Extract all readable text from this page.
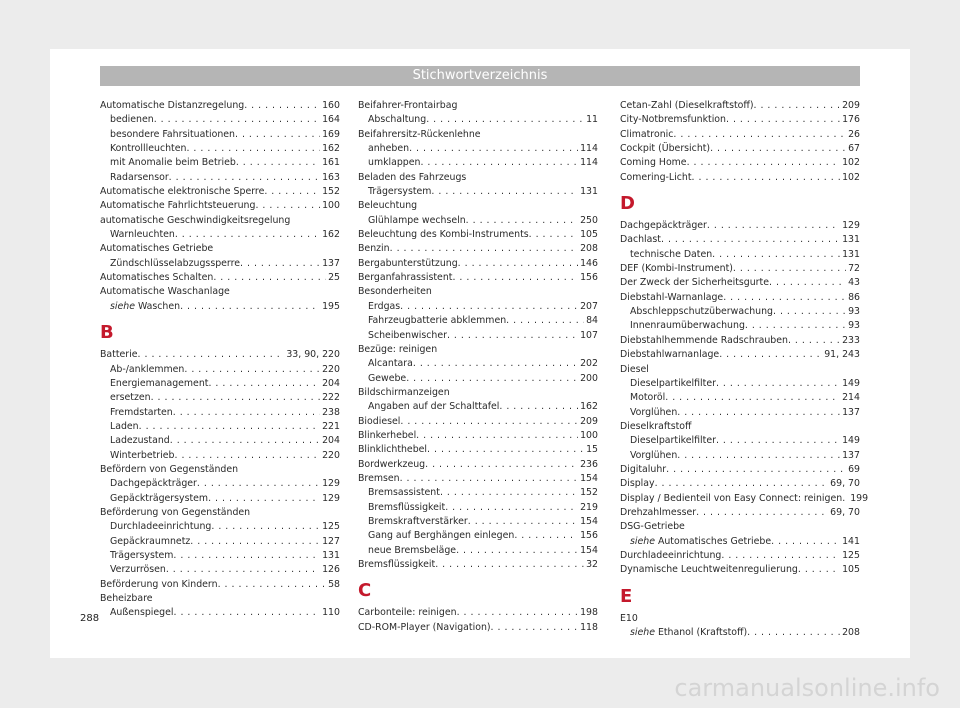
Stichwortverzeichnis
Automatische Distanzregelung . . .	160
bedienen . . .	164
besondere Fahrsituationen . . .	169
Kontrollleuchten . . .	162
mit Anomalie beim Betrieb . . .	161
Radarsensor . . .	163
Automatische elektronische Sperre . . .	152
Automatische Fahrlichtsteuerung . . .	100
automatische Geschwindigkeitsregelung
Warnleuchten . . .	162
Automatisches Getriebe
Zündschlüsselabzugssperre . . .	137
Automatisches Schalten . . .	25
Automatische Waschanlage
siehe Waschen . . .	195
B
Batterie . . .	33, 90, 220
Ab-/anklemmen . . .	220
Energiemanagement . . .	204
ersetzen . . .	222
Fremdstarten . . .	238
Laden . . .	221
Ladezustand . . .	204
Winterbetrieb . . .	220
Befördern von Gegenständen
Dachgepäckträger . . .	129
Gepäckträgersystem . . .	129
Beförderung von Gegenständen
Durchladeeinrichtung . . .	125
Gepäckraumnetz . . .	127
Trägersystem . . .	131
Verzurrösen . . .	126
Beförderung von Kindern . . .	58
Beheizbare
Außenspiegel . . .	110
Beifahrer-Frontairbag
Abschaltung . . .	11
Beifahrersitz-Rückenlehne
anheben . . .	114
umklappen . . .	114
Beladen des Fahrzeugs
Trägersystem . . .	131
Beleuchtung
Glühlampe wechseln . . .	250
Beleuchtung des Kombi-Instruments . . .	105
Benzin . . .	208
Bergabunterstützung . . .	146
Berganfahrassistent . . .	156
Besonderheiten
Erdgas . . .	207
Fahrzeugbatterie abklemmen . . .	84
Scheibenwischer . . .	107
Bezüge: reinigen
Alcantara . . .	202
Gewebe . . .	200
Bildschirmanzeigen
Angaben auf der Schalttafel . . .	162
Biodiesel . . .	209
Blinkerhebel . . .	100
Blinklichthebel . . .	15
Bordwerkzeug . . .	236
Bremsen . . .	154
Bremsassistent . . .	152
Bremsflüssigkeit . . .	219
Bremskraftverstärker . . .	154
Gang auf Berghängen einlegen . . .	156
neue Bremsbeläge . . .	154
Bremsflüssigkeit . . .	32
C
Carbonteile: reinigen . . .	198
CD-ROM-Player (Navigation) . . .	118
Cetan-Zahl (Dieselkraftstoff) . . .	209
City-Notbremsfunktion . . .	176
Climatronic . . .	26
Cockpit (Übersicht) . . .	67
Coming Home . . .	102
Comering-Licht . . .	102
D
Dachgepäckträger . . .	129
Dachlast . . .	131
technische Daten . . .	131
DEF (Kombi-Instrument) . . .	72
Der Zweck der Sicherheitsgurte . . .	43
Diebstahl-Warnanlage . . .	86
Abschleppschutzüberwachung . . .	93
Innenraumüberwachung . . .	93
Diebstahlhemmende Radschrauben . . .	233
Diebstahlwarnanlage . . .	91, 243
Diesel
Dieselpartikelfilter . . .	149
Motoröl . . .	214
Vorglühen . . .	137
Dieselkraftstoff
Dieselpartikelfilter . . .	149
Vorglühen . . .	137
Digitaluhr . . .	69
Display . . .	69, 70
Display / Bedienteil von Easy Connect: reinigen . . . 199
Drehzahlmesser . . .	69, 70
DSG-Getriebe
siehe Automatisches Getriebe . . .	141
Durchladeeinrichtung . . .	125
Dynamische Leuchtweitenregulierung . . .	105
E
E10
siehe Ethanol (Kraftstoff) . . .	208
288
carmanualsonline.info
